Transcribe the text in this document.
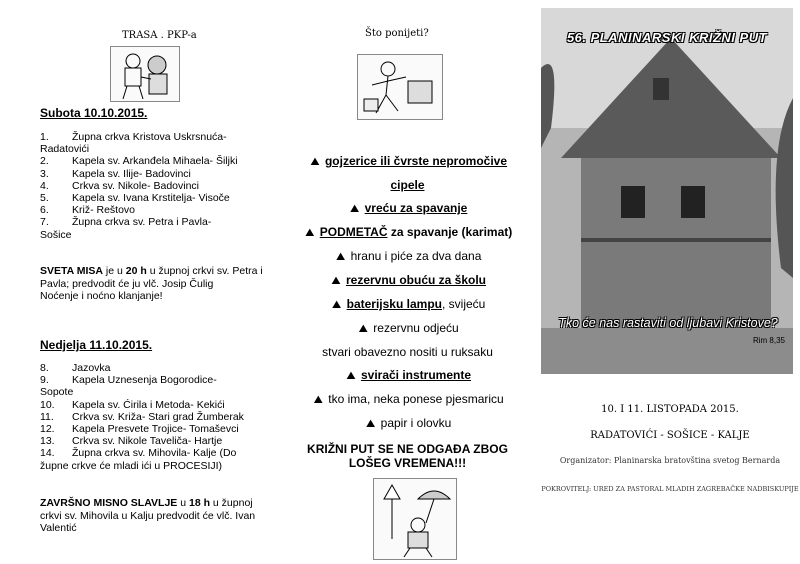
TRASA . PKP-a
Subota 10.10.2015.
1. Župna crkva Kristova Uskrsnuća-
Radatovići
2.	Kapela sv. Arkanđela Mihaela- Šiljki
3.	Kapela sv. Ilije- Badovinci
4.	Crkva sv. Nikole- Badovinci
5.	Kapela sv. Ivana Krstitelja- Visoče
6.	Križ- Reštovo
7. Župna crkva sv. Petra i Pavla-
Sošice
SVETA MISA je u 20 h u župnoj crkvi sv. Petra i Pavla; predvodit će ju vlč. Josip Čulig
Noćenje i noćno klanjanje!
Nedjelja 11.10.2015.
8.	Jazovka
9. Kapela Uznesenja Bogorodice-
Sopote
10.	Kapela sv. Ćirila i Metoda- Kekići
11.	Crkva sv. Križa- Stari grad Žumberak
12.	Kapela Presvete Trojice- Tomaševci
13.	Crkva sv. Nikole Taveliča- Hartje
14. Župna crkva sv. Mihovila- Kalje (Do
župne crkve će mladi ići u PROCESIJI)
ZAVRŠNO MISNO SLAVLJE u 18 h u župnoj crkvi sv. Mihovila u Kalju predvodit će vlč. Ivan Valentić
Što ponijeti?
⛰ gojzerice ili čvrste nepromočive
cipele
⛰ vreću za spavanje
⛰ PODMETAČ za spavanje (karimat)
⛰ hranu i piće za dva dana
⛰ rezervnu obuću za školu
⛰ baterijsku lampu, svijeću
⛰ rezervnu odjeću
stvari obavezno nositi u ruksaku
⛰ svirači instrumente
⛰ tko ima, neka ponese pjesmaricu
⛰ papir i olovku
KRIŽNI PUT SE NE ODGAĐA ZBOG
LOŠEG VREMENA!!!
56. PLANINARSKI KRIŽNI PUT
Tko će nas rastaviti od ljubavi Kristove?
Rim 8,35
10. I 11. LISTOPADA 2015.
RADATOVIĆI - SOŠICE - KALJE
Organizator: Planinarska bratovština svetog Bernarda
POKROVITELJ: URED ZA PASTORAL MLADIH ZAGREBAČKE NADBISKUPIJE
